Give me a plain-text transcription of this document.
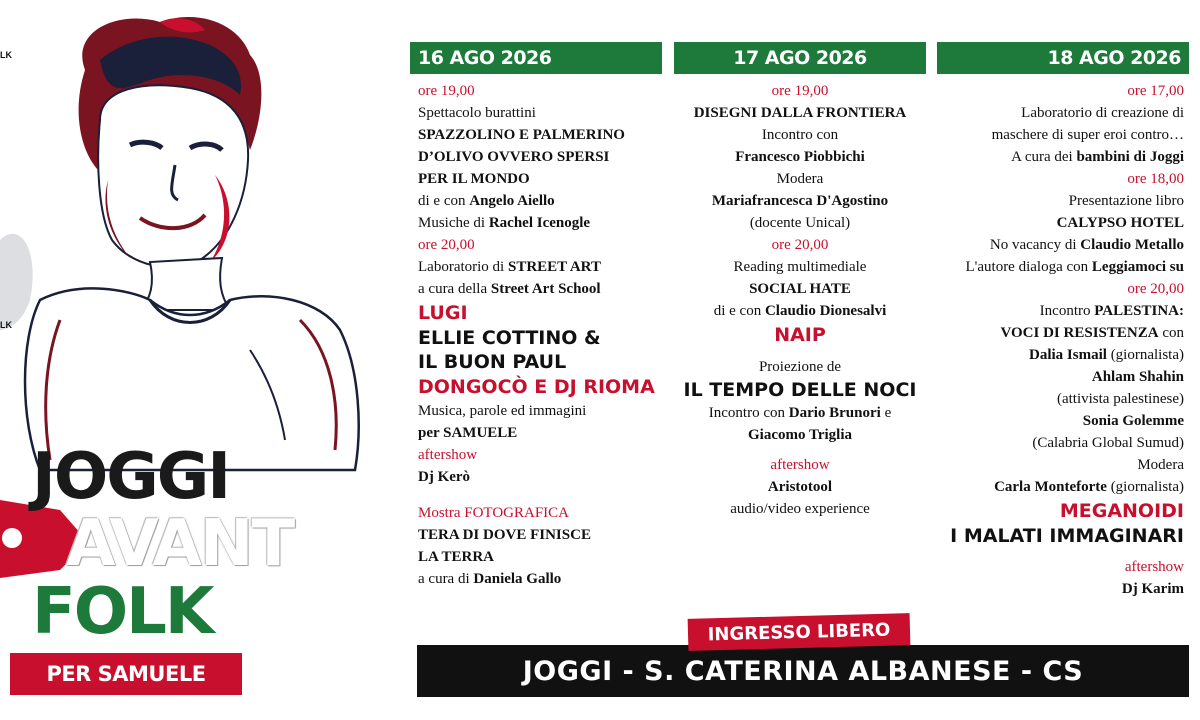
LK
LK
JOGGI
AVANT
FOLK
PER SAMUELE
16 AGO 2026	17 AGO 2026	18 AGO 2026

ore 19,00

Spettacolo burattini

SPAZZOLINO E PALMERINO

D’OLIVO OVVERO SPERSI

PER IL MONDO

di e con Angelo Aiello

Musiche di Rachel Icenogle

ore 20,00

Laboratorio di STREET ART

a cura della Street Art School

LUGI

ELLIE COTTINO &

IL BUON PAUL

DONGOCÒ E DJ RIOMA

Musica, parole ed immagini

per SAMUELE

aftershow

Dj Kerò

Mostra FOTOGRAFICA

TERA DI DOVE FINISCE

LA TERRA

a cura di Daniela Gallo

ore 19,00

DISEGNI DALLA FRONTIERA

Incontro con

Francesco Piobbichi

Modera

Mariafrancesca D'Agostino

(docente Unical)

ore 20,00

Reading multimediale

SOCIAL HATE

di e con Claudio Dionesalvi

NAIP

Proiezione de

IL TEMPO DELLE NOCI

Incontro con Dario Brunori e

Giacomo Triglia

aftershow

Aristotool

audio/video experience

ore 17,00

Laboratorio di creazione di

maschere di super eroi contro…

A cura dei bambini di Joggi

ore 18,00

Presentazione libro

CALYPSO HOTEL

No vacancy di Claudio Metallo

L'autore dialoga con Leggiamoci su

ore 20,00

Incontro PALESTINA:

VOCI DI RESISTENZA con

Dalia Ismail (giornalista)

Ahlam Shahin

(attivista palestinese)

Sonia Golemme

(Calabria Global Sumud)

Modera

Carla Monteforte (giornalista)

MEGANOIDI

I MALATI IMMAGINARI

aftershow

Dj Karim

JOGGI - S. CATERINA ALBANESE - CS
INGRESSO LIBERO
